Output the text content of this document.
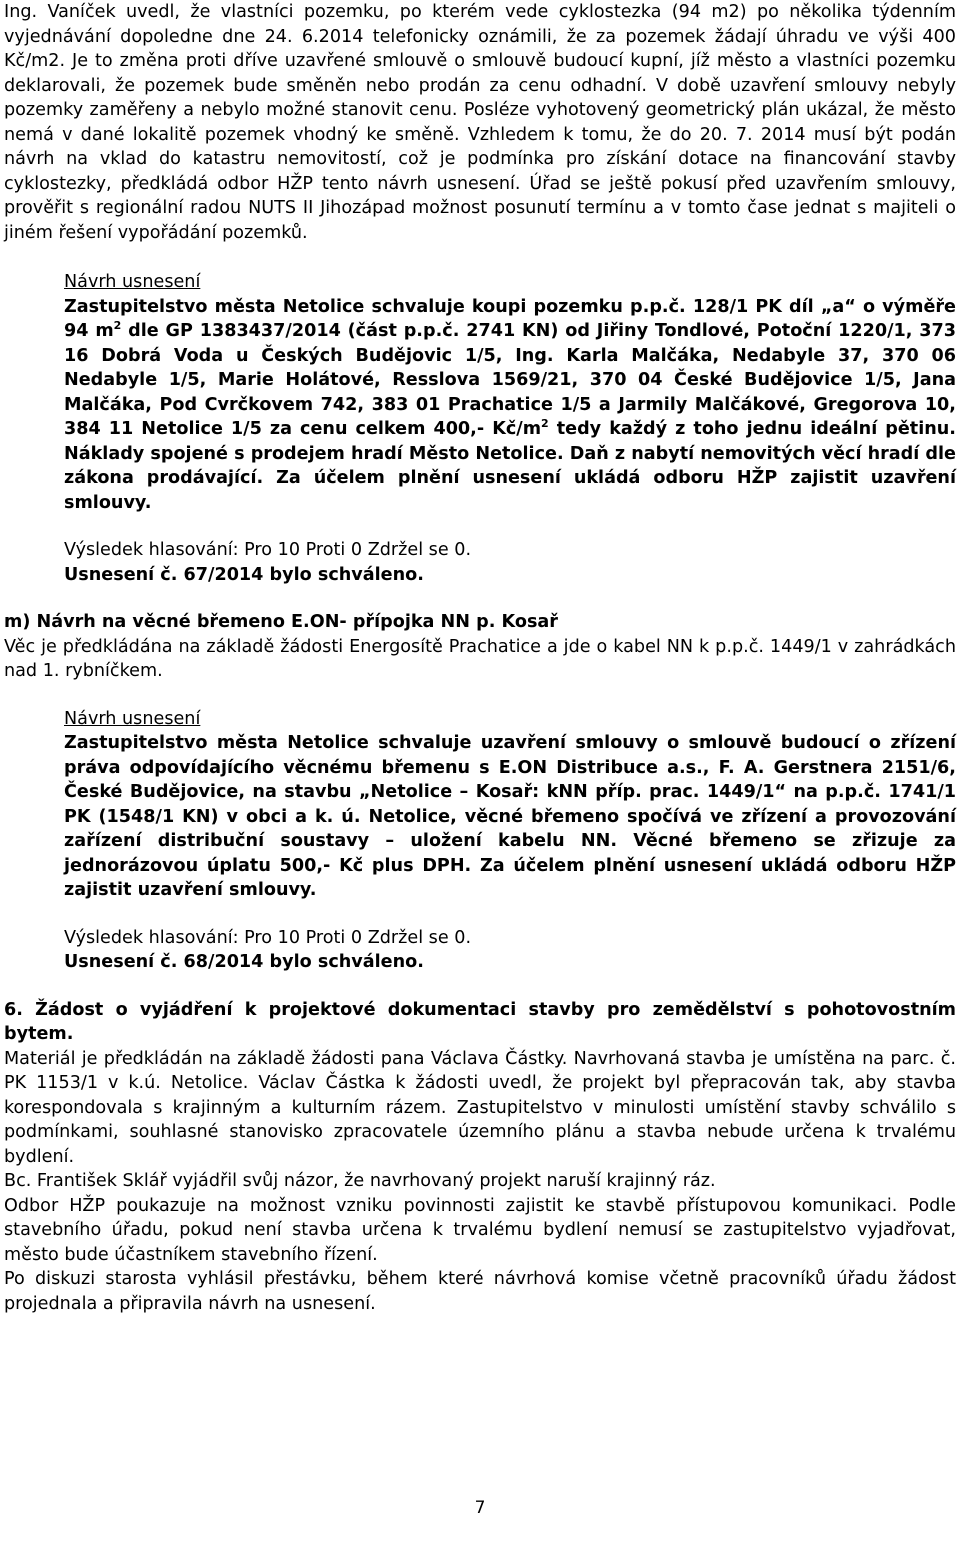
Ing. Vaníček uvedl, že vlastníci pozemku, po kterém vede cyklostezka (94 m2) po několika týdenním vyjednávání dopoledne dne 24. 6.2014 telefonicky oznámili, že za pozemek žádají úhradu ve výši 400 Kč/m2. Je to změna proti dříve uzavřené smlouvě o smlouvě budoucí kupní, jíž město a vlastníci pozemku deklarovali, že pozemek bude směněn nebo prodán za cenu odhadní. V době uzavření smlouvy nebyly pozemky zaměřeny a nebylo možné stanovit cenu. Posléze vyhotovený geometrický plán ukázal, že město nemá v dané lokalitě pozemek vhodný ke směně. Vzhledem k tomu, že do 20. 7. 2014 musí být podán návrh na vklad do katastru nemovitostí, což je podmínka pro získání dotace na financování stavby cyklostezky, předkládá odbor HŽP tento návrh usnesení. Úřad se ještě pokusí před uzavřením smlouvy, prověřit s regionální radou NUTS II Jihozápad možnost posunutí termínu a v tomto čase jednat s majiteli o jiném řešení vypořádání pozemků.

Návrh usnesení

Zastupitelstvo města Netolice schvaluje koupi pozemku p.p.č. 128/1 PK díl „a“ o výměře 94 $m^2$ dle GP 1383437/2014 (část p.p.č. 2741 KN) od Jiřiny Tondlové, Potoční 1220/1, 373 16 Dobrá Voda u Českých Budějovic 1/5, Ing. Karla Malčáka, Nedabyle 37, 370 06 Nedabyle 1/5, Marie Holátové, Resslova 1569/21, 370 04 České Budějovice 1/5, Jana Malčáka, Pod Cvrčkovem 742, 383 01 Prachatice 1/5 a Jarmily Malčákové, Gregorova 10, 384 11 Netolice 1/5 za cenu celkem 400,- $Kč/m^2$ tedy každý z toho jednu ideální pětinu. Náklady spojené s prodejem hradí Město Netolice. Daň z nabytí nemovitých věcí hradí dle zákona prodávající. Za účelem plnění usnesení ukládá odboru HŽP zajistit uzavření smlouvy.

Výsledek hlasování: Pro 10 Proti 0 Zdržel se 0.

Usnesení č. 67/2014 bylo schváleno.

m) Návrh na věcné břemeno E.ON- přípojka NN p. Kosař

Věc je předkládána na základě žádosti Energosítě Prachatice a jde o kabel NN k p.p.č. 1449/1 v zahrádkách nad 1. rybníčkem.

Návrh usnesení

Zastupitelstvo města Netolice schvaluje uzavření smlouvy o smlouvě budoucí o zřízení práva odpovídajícího věcnému břemenu s E.ON Distribuce a.s., F. A. Gerstnera 2151/6, České Budějovice, na stavbu „Netolice – Kosař: kNN příp. prac. 1449/1“ na p.p.č. 1741/1 PK (1548/1 KN) v obci a k. ú. Netolice, věcné břemeno spočívá ve zřízení a provozování zařízení distribuční soustavy – uložení kabelu NN. Věcné břemeno se zřizuje za jednorázovou úplatu 500,- Kč plus DPH. Za účelem plnění usnesení ukládá odboru HŽP zajistit uzavření smlouvy.

Výsledek hlasování: Pro 10 Proti 0 Zdržel se 0.

Usnesení č. 68/2014 bylo schváleno.

6. Žádost o vyjádření k projektové dokumentaci stavby pro zemědělství s pohotovostním bytem.

Materiál je předkládán na základě žádosti pana Václava Částky. Navrhovaná stavba je umístěna na parc. č. PK 1153/1 v k.ú. Netolice. Václav Částka k žádosti uvedl, že projekt byl přepracován tak, aby stavba korespondovala s krajinným a kulturním rázem. Zastupitelstvo v minulosti umístění stavby schválilo s podmínkami, souhlasné stanovisko zpracovatele územního plánu a stavba nebude určena k trvalému bydlení.

Bc. František Sklář vyjádřil svůj názor, že navrhovaný projekt naruší krajinný ráz.

Odbor HŽP poukazuje na možnost vzniku povinnosti zajistit ke stavbě přístupovou komunikaci. Podle stavebního úřadu, pokud není stavba určena k trvalému bydlení nemusí se zastupitelstvo vyjadřovat, město bude účastníkem stavebního řízení.

Po diskuzi starosta vyhlásil přestávku, během které návrhová komise včetně pracovníků úřadu žádost projednala a připravila návrh na usnesení.

7
